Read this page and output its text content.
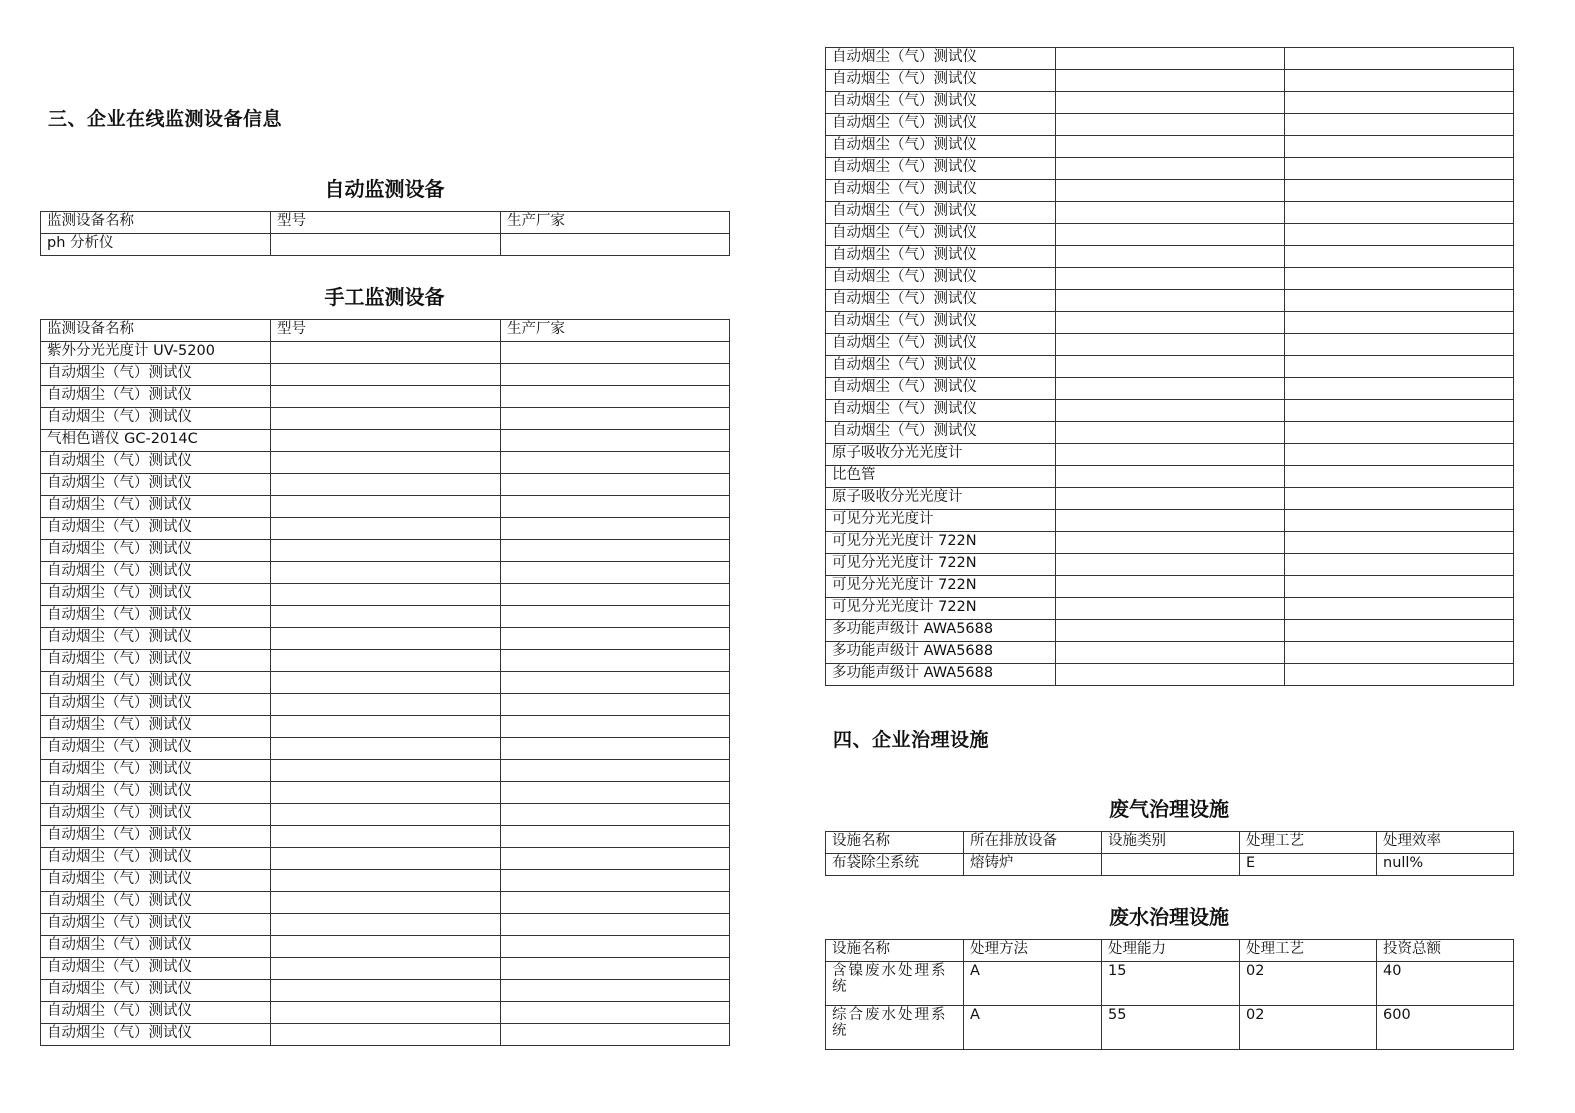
三、企业在线监测设备信息
自动监测设备
监测设备名称	型号	生产厂家
ph 分析仪		
手工监测设备
监测设备名称	型号	生产厂家
紫外分光光度计 UV-5200		
自动烟尘（气）测试仪		
自动烟尘（气）测试仪		
自动烟尘（气）测试仪		
气相色谱仪 GC-2014C		
自动烟尘（气）测试仪		
自动烟尘（气）测试仪		
自动烟尘（气）测试仪		
自动烟尘（气）测试仪		
自动烟尘（气）测试仪		
自动烟尘（气）测试仪		
自动烟尘（气）测试仪		
自动烟尘（气）测试仪		
自动烟尘（气）测试仪		
自动烟尘（气）测试仪		
自动烟尘（气）测试仪		
自动烟尘（气）测试仪		
自动烟尘（气）测试仪		
自动烟尘（气）测试仪		
自动烟尘（气）测试仪		
自动烟尘（气）测试仪		
自动烟尘（气）测试仪		
自动烟尘（气）测试仪		
自动烟尘（气）测试仪		
自动烟尘（气）测试仪		
自动烟尘（气）测试仪		
自动烟尘（气）测试仪		
自动烟尘（气）测试仪		
自动烟尘（气）测试仪		
自动烟尘（气）测试仪		
自动烟尘（气）测试仪		
自动烟尘（气）测试仪		
自动烟尘（气）测试仪		
自动烟尘（气）测试仪		
自动烟尘（气）测试仪		
自动烟尘（气）测试仪		
自动烟尘（气）测试仪		
自动烟尘（气）测试仪		
自动烟尘（气）测试仪		
自动烟尘（气）测试仪		
自动烟尘（气）测试仪		
自动烟尘（气）测试仪		
自动烟尘（气）测试仪		
自动烟尘（气）测试仪		
自动烟尘（气）测试仪		
自动烟尘（气）测试仪		
自动烟尘（气）测试仪		
自动烟尘（气）测试仪		
自动烟尘（气）测试仪		
自动烟尘（气）测试仪		
原子吸收分光光度计		
比色管		
原子吸收分光光度计		
可见分光光度计		
可见分光光度计 722N		
可见分光光度计 722N		
可见分光光度计 722N		
可见分光光度计 722N		
多功能声级计 AWA5688		
多功能声级计 AWA5688		
多功能声级计 AWA5688		
四、企业治理设施
废气治理设施
设施名称	所在排放设备	设施类别	处理工艺	处理效率
布袋除尘系统	熔铸炉		E	null%
废水治理设施
设施名称	处理方法	处理能力	处理工艺	投资总额
含镍废水处理系统	A	15	02	40
综合废水处理系统	A	55	02	600
